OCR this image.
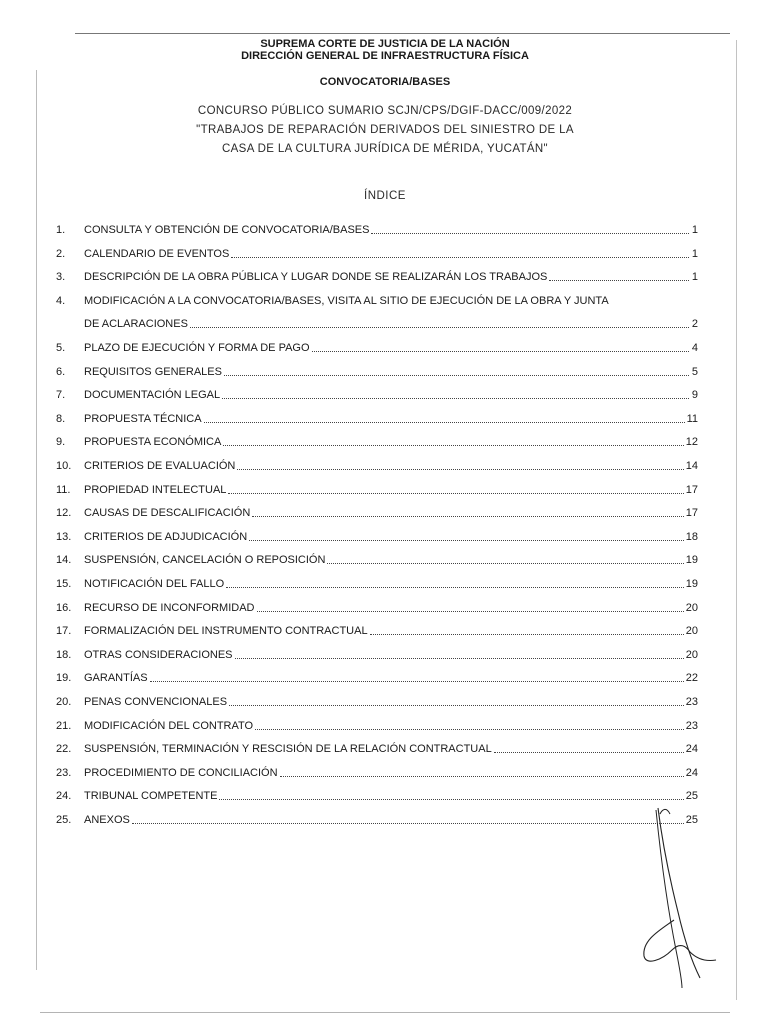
SUPREMA CORTE DE JUSTICIA DE LA NACIÓN
DIRECCIÓN GENERAL DE INFRAESTRUCTURA FÍSICA
CONVOCATORIA/BASES
CONCURSO PÚBLICO SUMARIO SCJN/CPS/DGIF-DACC/009/2022
"TRABAJOS DE REPARACIÓN DERIVADOS DEL SINIESTRO DE LA
CASA DE LA CULTURA JURÍDICA DE MÉRIDA, YUCATÁN"
ÍNDICE
1.	CONSULTA Y OBTENCIÓN DE CONVOCATORIA/BASES	1
2.	CALENDARIO DE EVENTOS	1
3.	DESCRIPCIÓN DE LA OBRA PÚBLICA Y LUGAR DONDE SE REALIZARÁN LOS TRABAJOS	1
4.	MODIFICACIÓN A LA CONVOCATORIA/BASES, VISITA AL SITIO DE EJECUCIÓN DE LA OBRA Y JUNTA
DE ACLARACIONES	2
5.	PLAZO DE EJECUCIÓN Y FORMA DE PAGO	4
6.	REQUISITOS GENERALES	5
7.	DOCUMENTACIÓN LEGAL	9
8.	PROPUESTA TÉCNICA	11
9.	PROPUESTA ECONÓMICA	12
10.	CRITERIOS DE EVALUACIÓN	14
11.	PROPIEDAD INTELECTUAL	17
12.	CAUSAS DE DESCALIFICACIÓN	17
13.	CRITERIOS DE ADJUDICACIÓN	18
14.	SUSPENSIÓN, CANCELACIÓN O REPOSICIÓN	19
15.	NOTIFICACIÓN DEL FALLO	19
16.	RECURSO DE INCONFORMIDAD	20
17.	FORMALIZACIÓN DEL INSTRUMENTO CONTRACTUAL	20
18.	OTRAS CONSIDERACIONES	20
19.	GARANTÍAS	22
20.	PENAS CONVENCIONALES	23
21.	MODIFICACIÓN DEL CONTRATO	23
22.	SUSPENSIÓN, TERMINACIÓN Y RESCISIÓN DE LA RELACIÓN CONTRACTUAL	24
23.	PROCEDIMIENTO DE CONCILIACIÓN	24
24.	TRIBUNAL COMPETENTE	25
25.	ANEXOS	25
